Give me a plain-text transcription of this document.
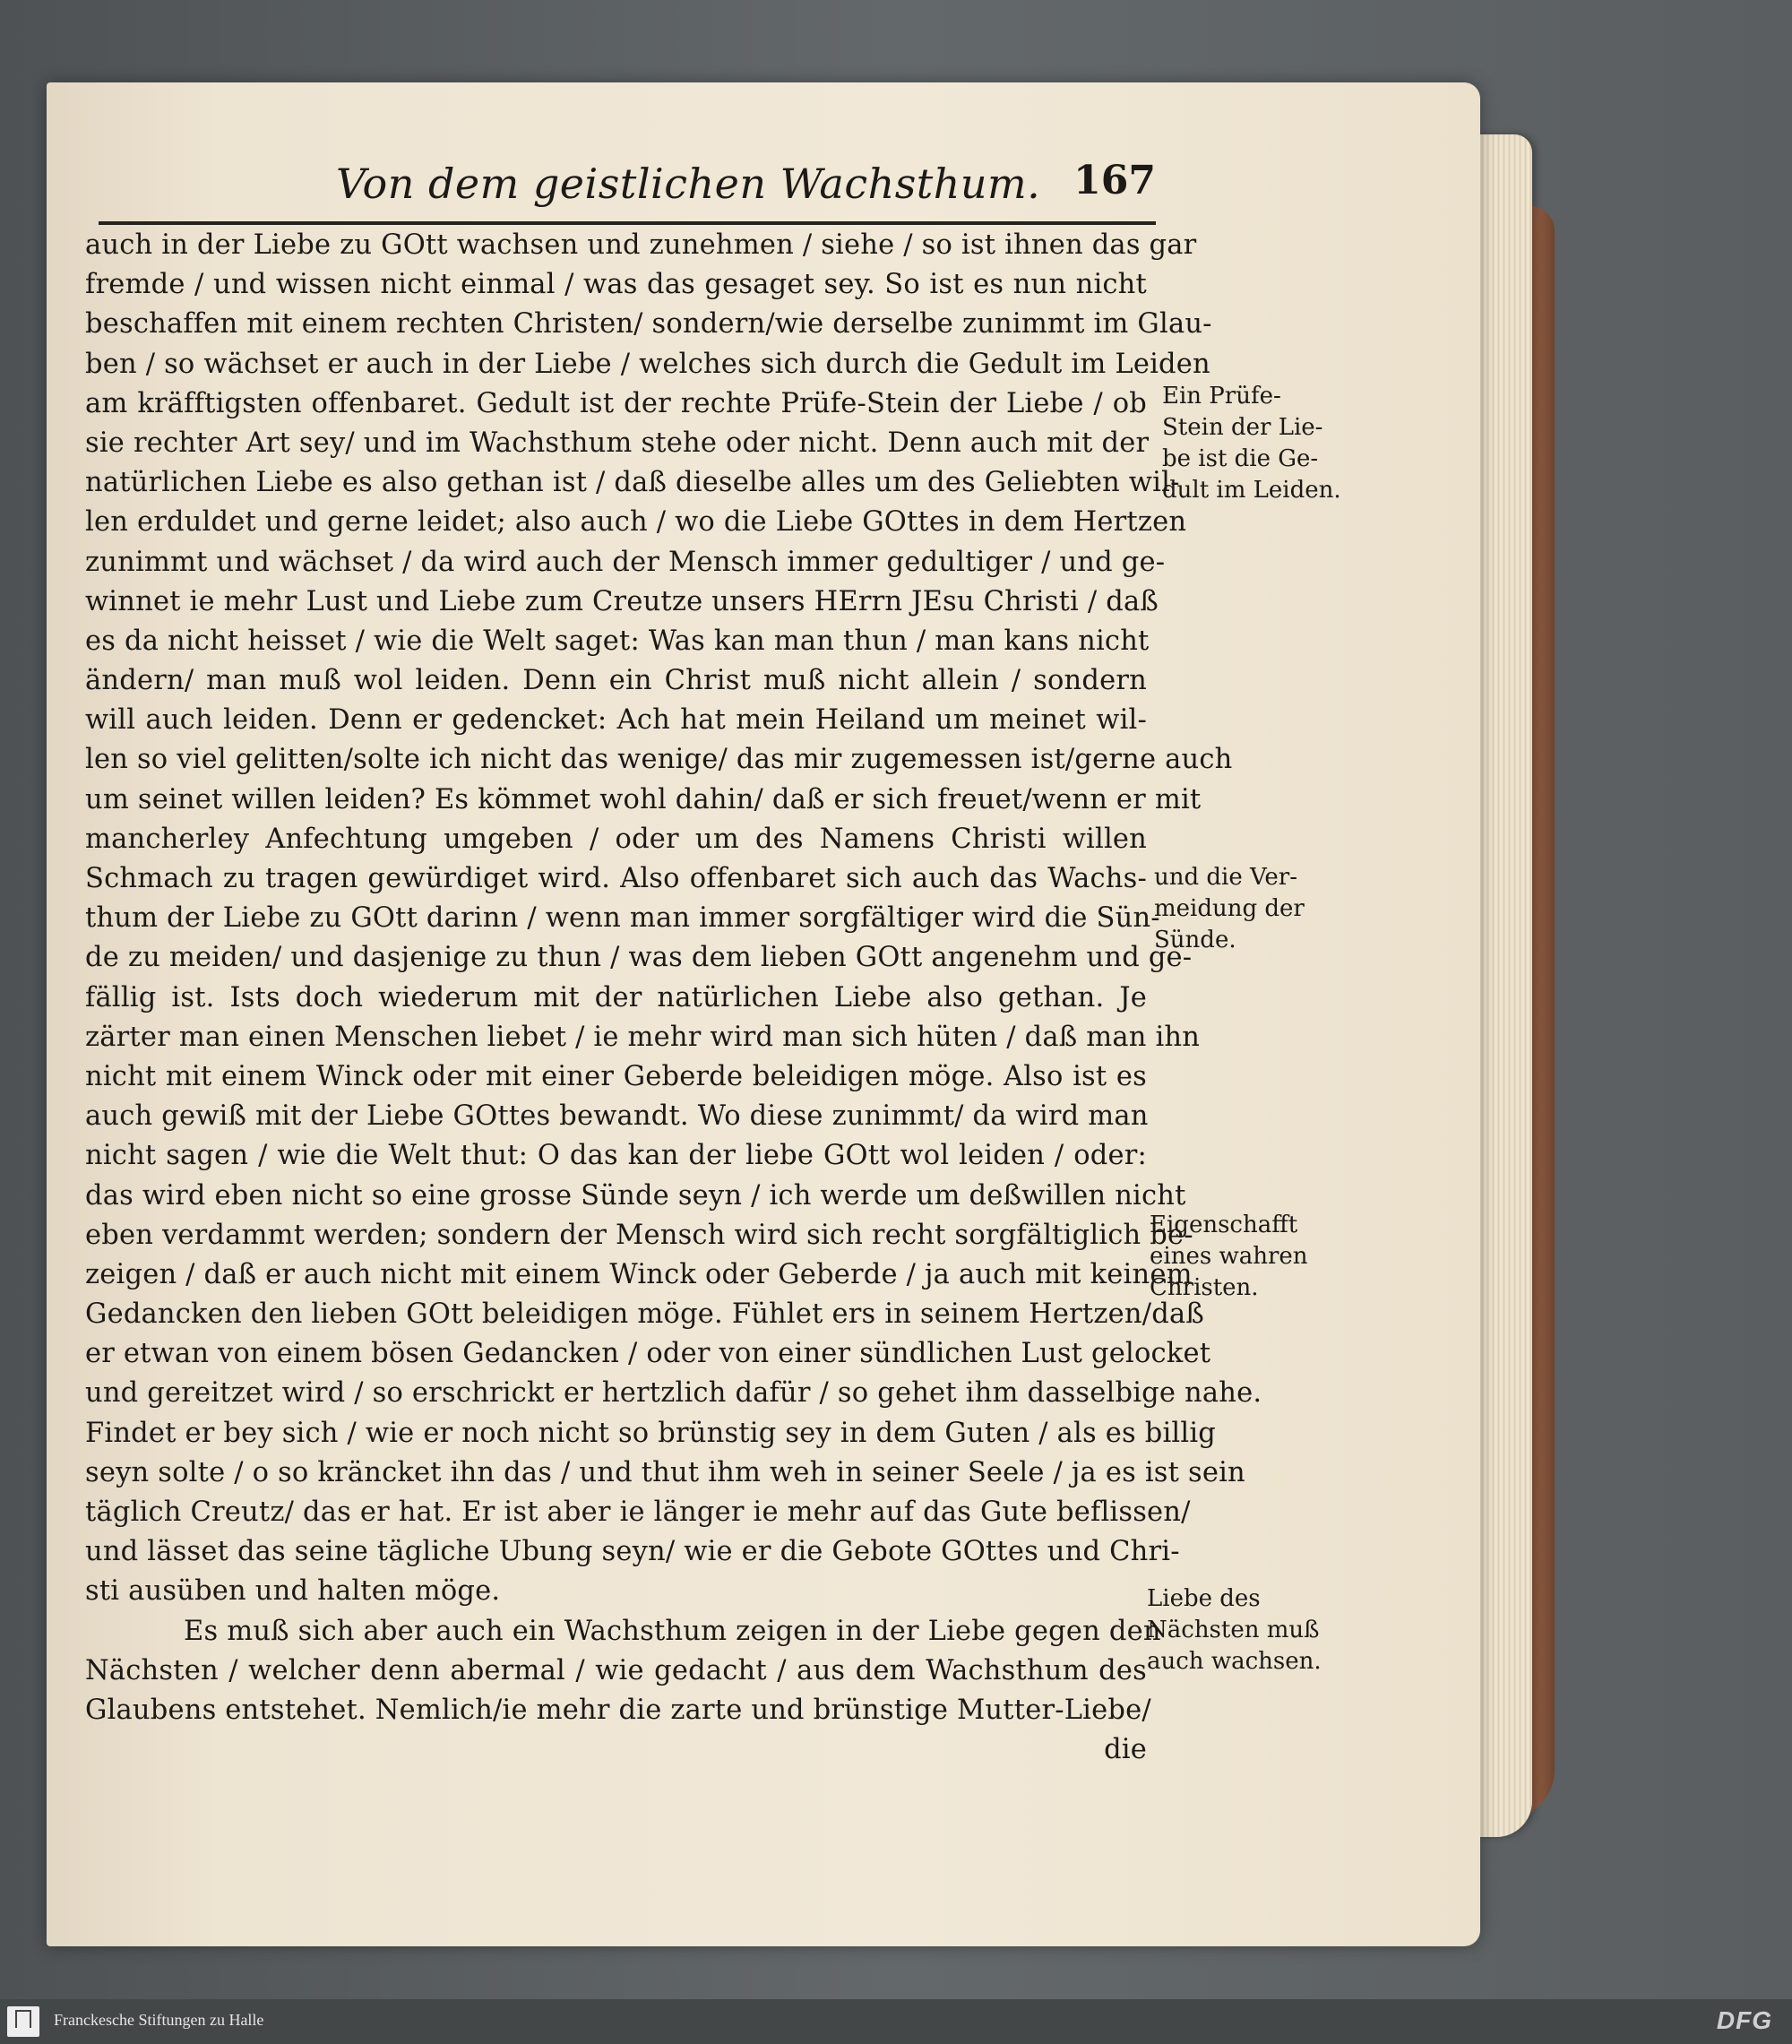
Von dem geistlichen Wachsthum. 167
auch in der Liebe zu GOtt wachsen und zunehmen / siehe / so ist ihnen das gar
fremde / und wissen nicht einmal / was das gesaget sey. So ist es nun nicht
beschaffen mit einem rechten Christen/ sondern/wie derselbe zunimmt im Glau-
ben / so wächset er auch in der Liebe / welches sich durch die Gedult im Leiden
am kräfftigsten offenbaret. Gedult ist der rechte Prüfe-Stein der Liebe / ob
sie rechter Art sey/ und im Wachsthum stehe oder nicht. Denn auch mit der
natürlichen Liebe es also gethan ist / daß dieselbe alles um des Geliebten wil-
len erduldet und gerne leidet; also auch / wo die Liebe GOttes in dem Hertzen
zunimmt und wächset / da wird auch der Mensch immer gedultiger / und ge-
winnet ie mehr Lust und Liebe zum Creutze unsers HErrn JEsu Christi / daß
es da nicht heisset / wie die Welt saget: Was kan man thun / man kans nicht
ändern/ man muß wol leiden. Denn ein Christ muß nicht allein / sondern
will auch leiden. Denn er gedencket: Ach hat mein Heiland um meinet wil-
len so viel gelitten/solte ich nicht das wenige/ das mir zugemessen ist/gerne auch
um seinet willen leiden? Es kömmet wohl dahin/ daß er sich freuet/wenn er mit
mancherley Anfechtung umgeben / oder um des Namens Christi willen
Schmach zu tragen gewürdiget wird. Also offenbaret sich auch das Wachs-
thum der Liebe zu GOtt darinn / wenn man immer sorgfältiger wird die Sün-
de zu meiden/ und dasjenige zu thun / was dem lieben GOtt angenehm und ge-
fällig ist. Ists doch wiederum mit der natürlichen Liebe also gethan. Je
zärter man einen Menschen liebet / ie mehr wird man sich hüten / daß man ihn
nicht mit einem Winck oder mit einer Geberde beleidigen möge. Also ist es
auch gewiß mit der Liebe GOttes bewandt. Wo diese zunimmt/ da wird man
nicht sagen / wie die Welt thut: O das kan der liebe GOtt wol leiden / oder:
das wird eben nicht so eine grosse Sünde seyn / ich werde um deßwillen nicht
eben verdammt werden; sondern der Mensch wird sich recht sorgfältiglich be-
zeigen / daß er auch nicht mit einem Winck oder Geberde / ja auch mit keinem
Gedancken den lieben GOtt beleidigen möge. Fühlet ers in seinem Hertzen/daß
er etwan von einem bösen Gedancken / oder von einer sündlichen Lust gelocket
und gereitzet wird / so erschrickt er hertzlich dafür / so gehet ihm dasselbige nahe.
Findet er bey sich / wie er noch nicht so brünstig sey in dem Guten / als es billig
seyn solte / o so kräncket ihn das / und thut ihm weh in seiner Seele / ja es ist sein
täglich Creutz/ das er hat. Er ist aber ie länger ie mehr auf das Gute beflissen/
und lässet das seine tägliche Ubung seyn/ wie er die Gebote GOttes und Chri-
sti ausüben und halten möge.
Es muß sich aber auch ein Wachsthum zeigen in der Liebe gegen den
Nächsten / welcher denn abermal / wie gedacht / aus dem Wachsthum des
Glaubens entstehet. Nemlich/ie mehr die zarte und brünstige Mutter-Liebe/
die
Ein Prüfe-
Stein der Lie-
be ist die Ge-
dult im Leiden.
und die Ver-
meidung der
Sünde.
Eigenschafft
eines wahren
Christen.
Liebe des
Nächsten muß
auch wachsen.
Franckesche Stiftungen zu Halle	DFG
